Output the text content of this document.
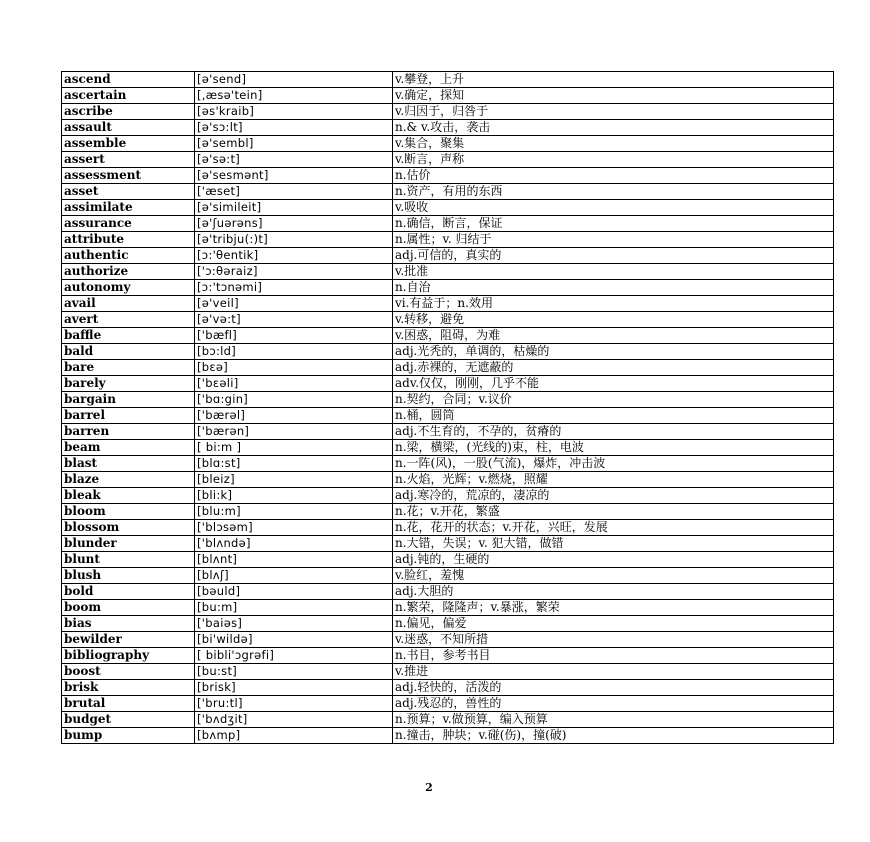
ascend	[ə'send]	v.攀登，上升
ascertain	[,æsə'tein]	v.确定，探知
ascribe	[əs'kraib]	v.归因于，归咎于
assault	[ə'sɔ:lt]	n.& v.攻击，袭击
assemble	[ə'sembl]	v.集合，聚集
assert	[ə'sə:t]	v.断言，声称
assessment	[ə'sesmənt]	n.估价
asset	['æset]	n.资产，有用的东西
assimilate	[ə'simileit]	v.吸收
assurance	[ə'ʃuərəns]	n.确信，断言，保证
attribute	[ə'tribju(:)t]	n.属性；v. 归结于
authentic	[ɔ:'θentik]	adj.可信的，真实的
authorize	['ɔ:θəraiz]	v.批准
autonomy	[ɔ:'tɔnəmi]	n.自治
avail	[ə'veil]	vi.有益于；n.效用
avert	[ə'və:t]	v.转移，避免
baffle	['bæfl]	v.困惑，阻碍，为难
bald	[bɔ:ld]	adj.光秃的，单调的，枯燥的
bare	[bɛə]	adj.赤裸的，无遮蔽的
barely	['bɛəli]	adv.仅仅，刚刚，几乎不能
bargain	['bɑ:gin]	n.契约，合同；v.议价
barrel	['bærəl]	n.桶，圆筒
barren	['bærən]	adj.不生育的，不孕的，贫瘠的
beam	[ bi:m ]	n.梁，横梁，(光线的)束，柱，电波
blast	[blɑ:st]	n.一阵(风)，一股(气流)，爆炸，冲击波
blaze	[bleiz]	n.火焰，光辉；v.燃烧，照耀
bleak	[bli:k]	adj.寒冷的，荒凉的，凄凉的
bloom	[blu:m]	n.花；v.开花，繁盛
blossom	['blɔsəm]	n.花，花开的状态；v.开花，兴旺，发展
blunder	['blʌndə]	n.大错，失误；v. 犯大错，做错
blunt	[blʌnt]	adj.钝的，生硬的
blush	[blʌʃ]	v.脸红，羞愧
bold	[bəuld]	adj.大胆的
boom	[bu:m]	n.繁荣，隆隆声；v.暴涨，繁荣
bias	['baiəs]	n.偏见，偏爱
bewilder	[bi'wildə]	v.迷惑，不知所措
bibliography	[ bibli'ɔgrəfi]	n.书目，参考书目
boost	[bu:st]	v.推进
brisk	[brisk]	adj.轻快的，活泼的
brutal	['bru:tl]	adj.残忍的，兽性的
budget	['bʌdʒit]	n.预算；v.做预算，编入预算
bump	[bʌmp]	n.撞击，肿块；v.碰(伤)，撞(破)
2
